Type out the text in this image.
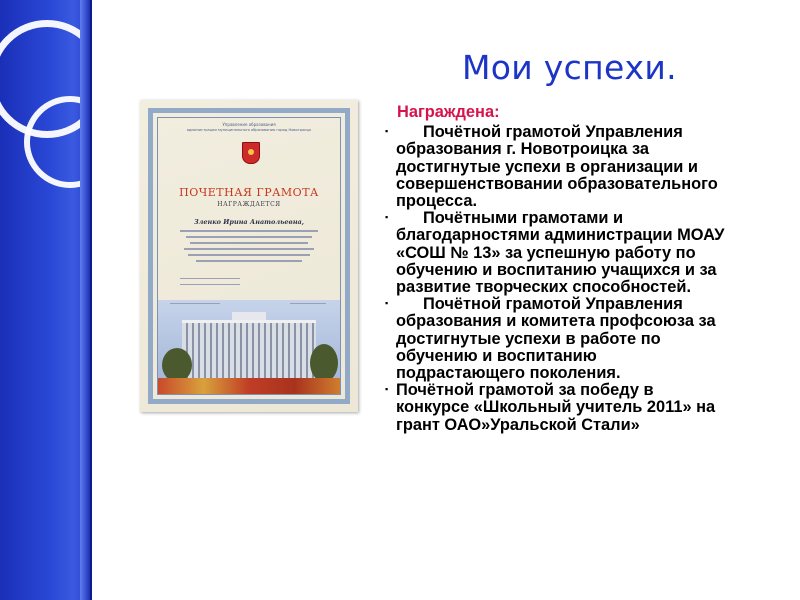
Мои успехи.
Управление образования
администрации муниципального образования город Новотроицк
ПОЧЕТНАЯ ГРАМОТА
НАГРАЖДАЕТСЯ
Зленко Ирина Анатольевна,
Награждена:
▪ Почётной грамотой Управления образования г. Новотроицка за достигнутые успехи в организации и совершенствовании образовательного процесса.
▪ Почётными грамотами и благодарностями администрации МОАУ «СОШ № 13» за успешную работу по обучению и воспитанию учащихся и за развитие творческих способностей.
▪ Почётной грамотой Управления образования и комитета профсоюза за достигнутые успехи в работе по обучению и воспитанию подрастающего поколения.
▪ Почётной грамотой за победу в конкурсе «Школьный учитель 2011» на грант ОАО»Уральской Стали»
